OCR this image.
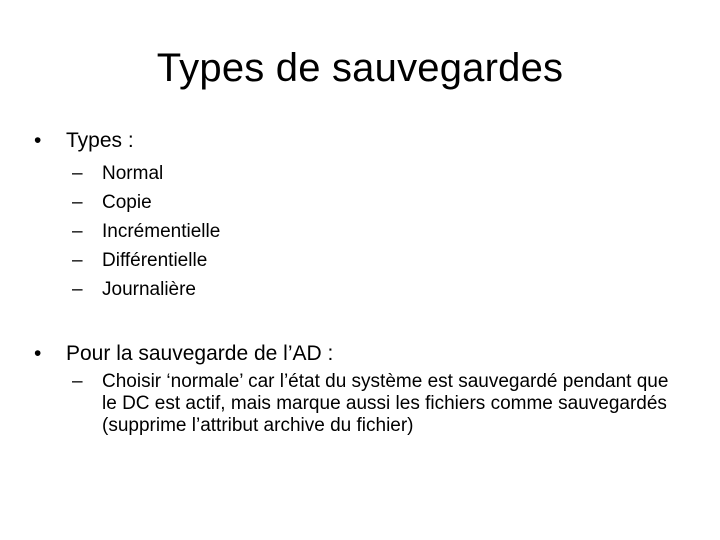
Types de sauvegardes
•	Types :
–	Normal
–	Copie
–	Incrémentielle
–	Différentielle
–	Journalière
•	Pour la sauvegarde de l’AD :
–	Choisir ‘normale’ car l’état du système est sauvegardé pendant que le DC est actif, mais marque aussi les fichiers comme sauvegardés (supprime l’attribut archive du fichier)
